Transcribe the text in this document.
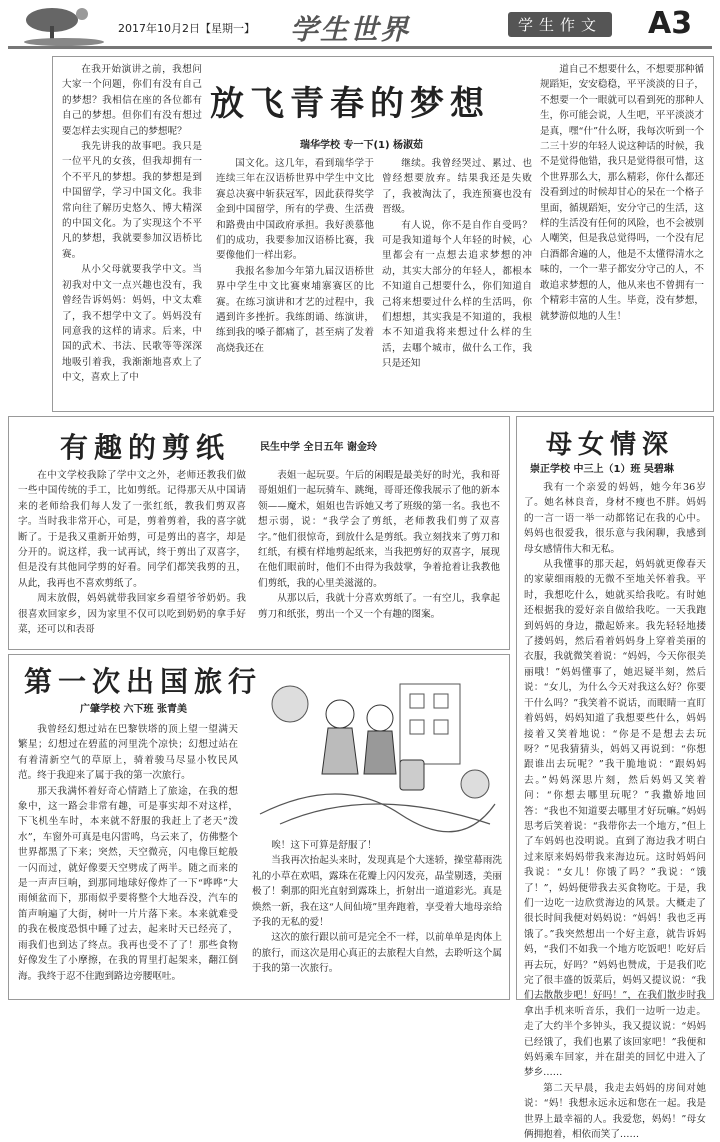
2017年10月2日【星期一】 学生世界	学生作文	A3
放飞青春的梦想
瑞华学校 专一下(1) 杨淑茹

在我开始演讲之前，我想问大家一个问题，你们有没有自己的梦想？我相信在座的各位都有自己的梦想。但你们有没有想过要怎样去实现自己的梦想呢？

我先讲我的故事吧。我只是一位平凡的女孩，但我却拥有一个不平凡的梦想。我的梦想是到中国留学，学习中国文化。我非常向往了解历史悠久、博大精深的中国文化。为了实现这个不平凡的梦想，我就要参加汉语桥比赛。

从小父母就要我学中文。当初我对中文一点兴趣也没有，我曾经告诉妈妈：妈妈，中文太难了，我不想学中文了。妈妈没有同意我的这样的请求。后来，中国的武术、书法、民歌等等深深地吸引着我，我渐渐地喜欢上了中文，喜欢上了中

国文化。这几年，看到瑞华学于连续三年在汉语桥世界中学生中文比赛总决赛中斩获冠军，因此获得奖学金到中国留学，所有的学费、生活费和路费由中国政府承担。我好羡慕他们的成功，我要参加汉语桥比赛，我要像他们一样出彩。

我报名参加今年第九届汉语桥世界中学生中文比赛柬埔寨赛区的比赛。在练习演讲和才艺的过程中，我遇到许多挫折。我练朗诵、练演讲，练到我的嗓子都痛了，甚至病了发着高烧我还在

继续。我曾经哭过、累过、也曾经想要放弃。结果我还是失败了，我被淘汰了，我连预赛也没有晋级。

有人说，你不是自作自受吗？可是我知道每个人年轻的时候，心里都会有一点想去追求梦想的冲动，其实大部分的年轻人，都根本不知道自己想要什么，你们知道自己将来想要过什么样的生活吗，你们想想，其实我是不知道的，我根本不知道我将来想过什么样的生活，去哪个城市，做什么工作，我只是还知

道自己不想要什么，不想要那种循规蹈矩，安安稳稳，平平淡淡的日子，不想要一个一眼就可以看到死的那种人生，你可能会说，人生吧，平平淡淡才是真，嘿“什”什么呀，我每次听到一个二三十岁的年轻人说这种话的时候，我不是觉得他错，我只是觉得很可惜，这个世界那么大，那么精彩，你什么都还没看到过的时候却甘心的呆在一个格子里面，循规蹈矩，安分守己的生活，这样的生活没有任何的风险，也不会被别人嘲笑，但是我总觉得吗，一个没有尼白酒都舍遍的人，他是不太懂得清水之味的，一个一辈子都安分守己的人，不敢追求梦想的人，他从来也不曾拥有一个精彩丰富的人生。毕竟，没有梦想，就梦游似地的人生！

有趣的剪纸	民生中学 全日五年 谢金玲

在中文学校我除了学中文之外，老师还教我们做一些中国传统的手工，比如剪纸。记得那天从中国请来的老师给我们每人发了一张红纸，教我们剪双喜字。当时我非常开心，可是，剪着剪着，我的喜字就断了。于是我又重新开始剪，可是剪出的喜字，却是分开的。说这样，我一试再试，终于剪出了双喜字，但是没有其他同学剪的好看。同学们都笑我剪的丑，从此，我再也不喜欢剪纸了。

周末放假，妈妈就带我回家乡看望爷爷奶奶。我很喜欢回家乡，因为家里不仅可以吃到奶奶的拿手好菜，还可以和表哥

表姐一起玩耍。午后的闲暇是最美好的时光，我和哥哥姐姐们一起玩骑车、跳绳，哥哥还像我展示了他的新本领——魔术，姐姐也告诉她又考了班级的第一名。我也不想示弱，说：“我学会了剪纸，老师教我们剪了双喜字。”他们很惊奇，到放什么是剪纸。我立刻找来了剪刀和红纸，有模有样地剪起纸来，当我把剪好的双喜字，展现在他们眼前时，他们不由得为我鼓掌，争着抢着让我教他们剪纸，我的心里美滋滋的。

从那以后，我就十分喜欢剪纸了。一有空儿，我拿起剪刀和纸张，剪出一个又一个有趣的图案。

母女情深
崇正学校 中三上（1）班 吴碧琳

我有一个亲爱的妈妈，她今年36岁了。她名林良音，身材不瘦也不胖。妈妈的一言一语一举一动都铭记在我的心中。妈妈也很爱我，很乐意与我闲聊，我感到母女感情伟大和无私。

从我懂事的那天起，妈妈就更像春天的家蒙细雨般的无微不至地关怀着我。平时，我想吃什么，她就买给我吃。有时她还根据我的爱好亲自做给我吃。一天我跑到妈妈的身边，撒起娇来。我先轻轻地搂了搂妈妈，然后看着妈妈身上穿着美丽的衣服，我就微笑着说：“妈妈，今天你很美丽哦！”妈妈懂事了，她迟疑半刻，然后说：“女儿，为什么今天对我这么好？你要干什么吗？”我笑着不说话，而眼睛一直盯着妈妈，妈妈知道了我想要些什么，妈妈接着又笑着地说：“你是不是想去去玩呀？”见我猜猜头，妈妈又再说到：“你想跟谁出去玩呢？”我干脆地说：“跟妈妈去。”妈妈深思片刻，然后妈妈又笑着问：“你想去哪里玩呢？”我撒娇地回答：“我也不知道要去哪里才好玩嘛。”妈妈思考后笑着说：“我带你去一个地方，”但上了车妈妈也没明说。直到了海边我才明白过来原来妈妈带我来海边玩。这时妈妈问我说：“女儿！你饿了吗？”我说：“饿了！”，妈妈便带我去买食物吃。于是，我们一边吃一边欣赏海边的风景。大概走了很长时间我便对妈妈说：“妈妈！我也乏再饿了。”我突然想出一个好主意，就告诉妈妈，“我们不如我一个地方吃饭吧！吃好后再去玩，好吗？”妈妈也赞成，于是我们吃完了很丰盛的饭菜后，妈妈又提议说：“我们去散散步吧！好吗！”，在我们散步时我拿出手机来听音乐，我们一边听一边走。走了大约半个多钟头，我又提议说：“妈妈已经饿了，我们也累了该回家吧！”我便和妈妈乘车回家，并在甜美的回忆中进入了梦乡……

第二天早晨，我走去妈妈的房间对她说：“妈！我想永远永远和您在一起。我是世界上最幸福的人。我爱您，妈妈！”母女俩拥抱着，相依而笑了……

第一次出国旅行
广肇学校 六下班 张青美

我曾经幻想过站在巴黎铁塔的顶上望一望满天繁星；幻想过在碧蓝的河里洗个凉快；幻想过站在有着清新空气的草原上，骑着骏马尽显小牧民风范。终于我迎来了属于我的第一次旅行。

那天我满怀着好奇心情踏上了旅途，在我的想象中，这一路会非常有趣，可是事实却不对这样，下飞机坐车时，本来就不舒服的我赶上了老天“泼水”，车窗外可真是电闪雷鸣，乌云来了，仿佛整个世界都黑了下来；突然，天空微亮，闪电像巨蛇般一闪而过，就好像要天空劈成了两半。随之而来的是一声声巨响，到那同地球好像炸了一下“哗哗”大雨倾盆而下，那雨似乎要将整个大地吞没，汽车的笛声响遍了大街，树叶一片片落下来。本来就难受的我在极度恐惧中睡了过去，起来时天已经亮了，雨我们也到达了终点。我再也受不了了！那些食物好像发生了小摩擦，在我的胃里打起架来，翻江倒海。我终于忍不住跑到路边旁腰呕吐。

唉！这下可算是舒服了！

当我再次抬起头来时，发现真是个大迷轿，操堂幕雨洗礼的小草在欢唱，露珠在花瓣上闪闪发亮，晶莹剔透，美丽极了！剩那的阳光直射到露珠上，折射出一道道彩光。真是焕然一新，我在这“人间仙境”里奔跑着，享受着大地母亲给予我的无私的爱！

这次的旅行跟以前可是完全不一样，以前单单是肉体上的旅行，而这次是用心真正的去旅程大自然，去聆听这个属于我的第一次旅行。
